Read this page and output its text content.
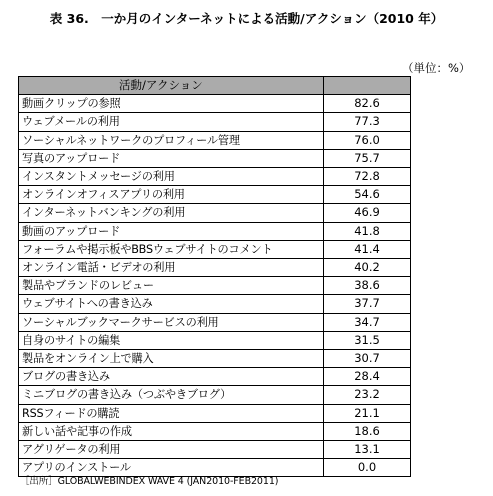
表 36.　一か月のインターネットによる活動/アクション（2010 年）
（単位：%）
活動/アクション	
動画クリップの参照	82.6
ウェブメールの利用	77.3
ソーシャルネットワークのプロフィール管理	76.0
写真のアップロード	75.7
インスタントメッセージの利用	72.8
オンラインオフィスアプリの利用	54.6
インターネットバンキングの利用	46.9
動画のアップロード	41.8
フォーラムや掲示板やBBSウェブサイトのコメント	41.4
オンライン電話・ビデオの利用	40.2
製品やブランドのレビュー	38.6
ウェブサイトへの書き込み	37.7
ソーシャルブックマークサービスの利用	34.7
自身のサイトの編集	31.5
製品をオンライン上で購入	30.7
ブログの書き込み	28.4
ミニブログの書き込み（つぶやきブログ）	23.2
RSSフィードの購読	21.1
新しい話や記事の作成	18.6
アグリゲータの利用	13.1
アプリのインストール	0.0
［出所］GLOBALWEBINDEX WAVE 4 (JAN2010-FEB2011)
